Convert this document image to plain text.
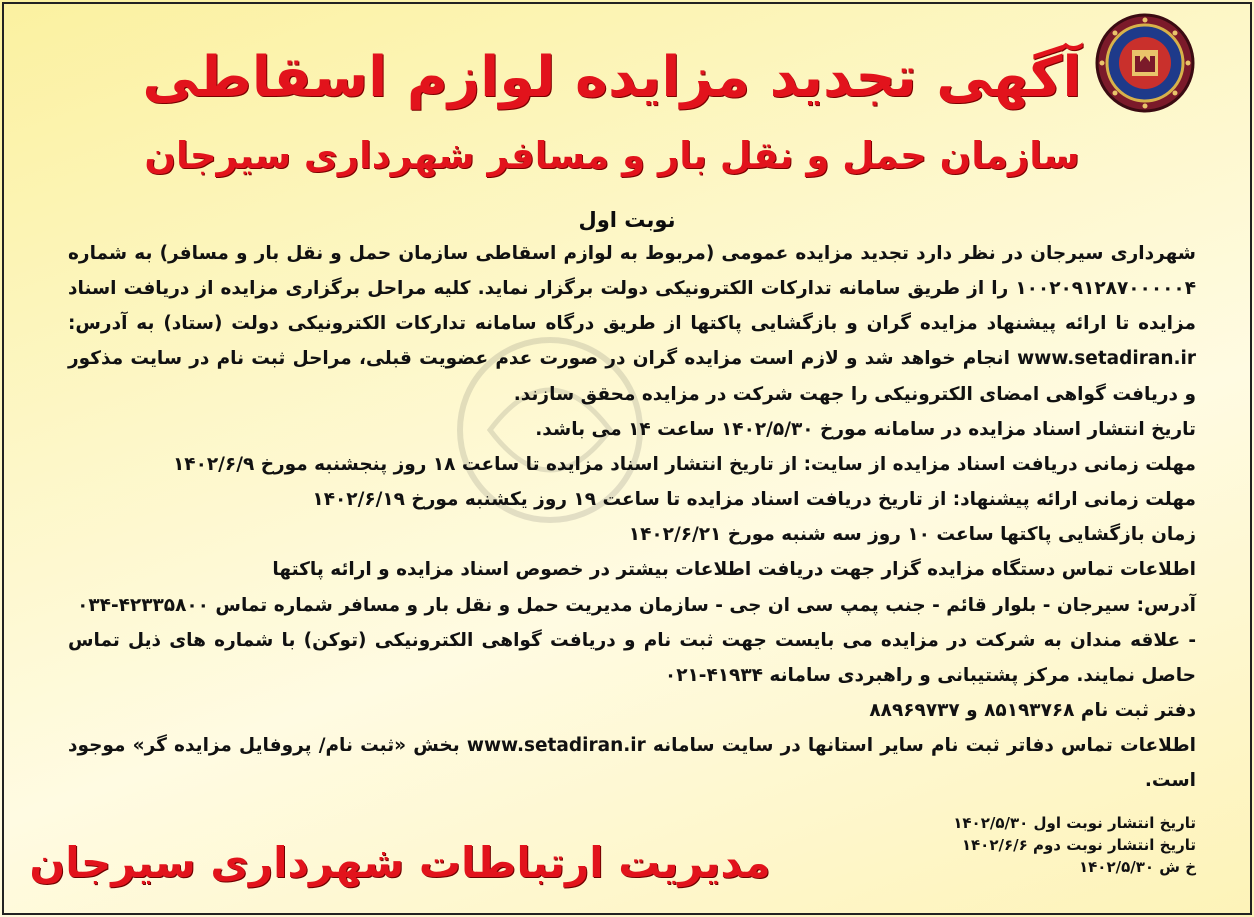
آگهی تجدید مزایده لوازم اسقاطی
سازمان حمل و نقل بار و مسافر شهرداری سیرجان
نوبت اول

شهرداری سیرجان در نظر دارد تجدید مزایده عمومی (مربوط به لوازم اسقاطی سازمان حمل و نقل بار و مسافر) به شماره ۱۰۰۲۰۹۱۲۸۷۰۰۰۰۰۴ را از طریق سامانه تدارکات الکترونیکی دولت برگزار نماید. کلیه مراحل برگزاری مزایده از دریافت اسناد مزایده تا ارائه پیشنهاد مزایده گران و بازگشایی پاکتها از طریق درگاه سامانه تدارکات الکترونیکی دولت (ستاد) به آدرس: www.setadiran.ir انجام خواهد شد و لازم است مزایده گران در صورت عدم عضویت قبلی، مراحل ثبت نام در سایت مذکور و دریافت گواهی امضای الکترونیکی را جهت شرکت در مزایده محقق سازند.

تاریخ انتشار اسناد مزایده در سامانه مورخ ۱۴۰۲/۵/۳۰ ساعت ۱۴ می باشد.

مهلت زمانی دریافت اسناد مزایده از سایت: از تاریخ انتشار اسناد مزایده تا ساعت ۱۸ روز پنجشنبه مورخ ۱۴۰۲/۶/۹

مهلت زمانی ارائه پیشنهاد: از تاریخ دریافت اسناد مزایده تا ساعت ۱۹ روز یکشنبه مورخ ۱۴۰۲/۶/۱۹

زمان بازگشایی پاکتها ساعت ۱۰ روز سه شنبه مورخ ۱۴۰۲/۶/۲۱

اطلاعات تماس دستگاه مزایده گزار جهت دریافت اطلاعات بیشتر در خصوص اسناد مزایده و ارائه پاکتها

آدرس: سیرجان - بلوار قائم - جنب پمپ سی ان جی - سازمان مدیریت حمل و نقل بار و مسافر شماره تماس ۴۲۳۳۵۸۰۰-۰۳۴

- علاقه مندان به شرکت در مزایده می بایست جهت ثبت نام و دریافت گواهی الکترونیکی (توکن) با شماره های ذیل تماس حاصل نمایند. مرکز پشتیبانی و راهبردی سامانه ۴۱۹۳۴-۰۲۱

دفتر ثبت نام ۸۵۱۹۳۷۶۸ و ۸۸۹۶۹۷۳۷

اطلاعات تماس دفاتر ثبت نام سایر استانها در سایت سامانه www.setadiran.ir بخش «ثبت نام/ پروفایل مزایده گر» موجود است.

تاریخ انتشار نوبت اول ۱۴۰۲/۵/۳۰
تاریخ انتشار نوبت دوم ۱۴۰۲/۶/۶
خ ش ۱۴۰۲/۵/۳۰
مدیریت ارتباطات شهرداری سیرجان
